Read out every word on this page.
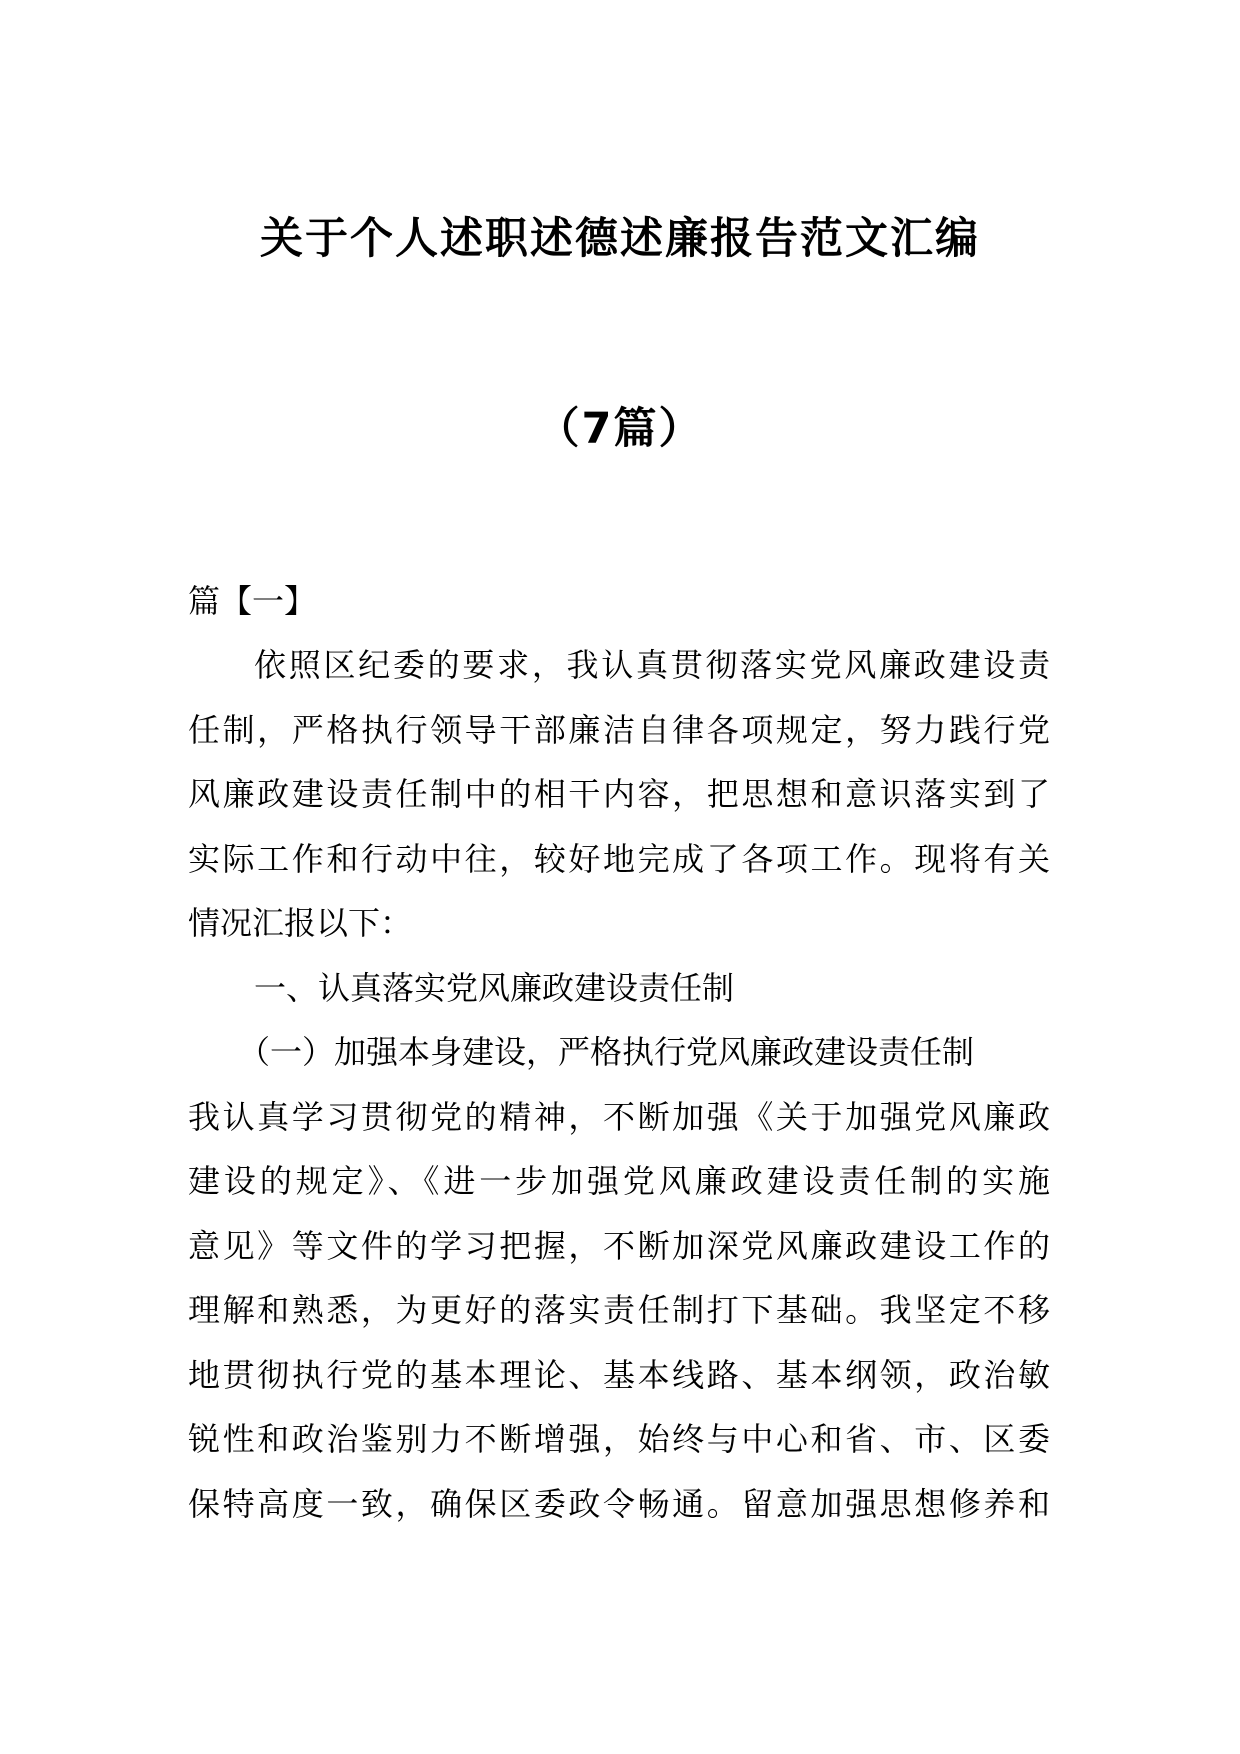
关于个人述职述德述廉报告范文汇编
（7篇）
篇【一】
依照区纪委的要求，我认真贯彻落实党风廉政建设责
任制，严格执行领导干部廉洁自律各项规定，努力践行党
风廉政建设责任制中的相干内容，把思想和意识落实到了
实际工作和行动中往，较好地完成了各项工作。现将有关
情况汇报以下：
一、认真落实党风廉政建设责任制
（一）加强本身建设，严格执行党风廉政建设责任制
我认真学习贯彻党的精神，不断加强《关于加强党风廉政
建设的规定》、《进一步加强党风廉政建设责任制的实施
意见》等文件的学习把握，不断加深党风廉政建设工作的
理解和熟悉，为更好的落实责任制打下基础。我坚定不移
地贯彻执行党的基本理论、基本线路、基本纲领，政治敏
锐性和政治鉴别力不断增强，始终与中心和省、市、区委
保特高度一致，确保区委政令畅通。留意加强思想修养和
